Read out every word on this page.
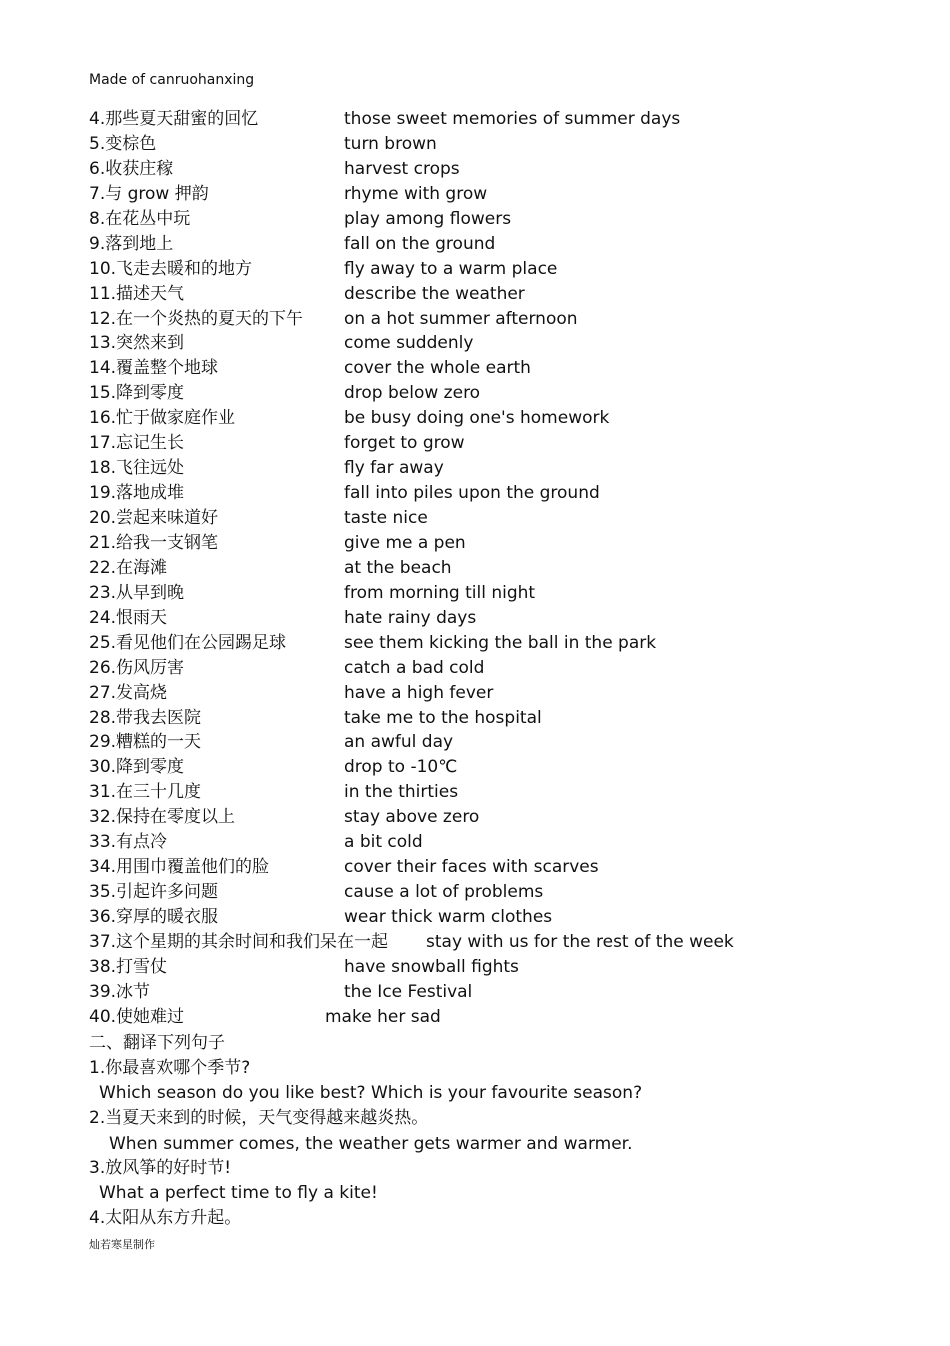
Made of canruohanxing
4.那些夏天甜蜜的回忆	those sweet memories of summer days
5.变棕色	turn brown
6.收获庄稼	harvest crops
7.与 grow 押韵	rhyme with grow
8.在花丛中玩	play among flowers
9.落到地上	fall on the ground
10.飞走去暖和的地方	fly away to a warm place
11.描述天气	describe the weather
12.在一个炎热的夏天的下午 on a hot summer afternoon
13.突然来到	come suddenly
14.覆盖整个地球	cover the whole earth
15.降到零度	drop below zero
16.忙于做家庭作业	be busy doing one's homework
17.忘记生长	forget to grow
18.飞往远处	fly far away
19.落地成堆	fall into piles upon the ground
20.尝起来味道好	taste nice
21.给我一支钢笔	give me a pen
22.在海滩	at the beach
23.从早到晚	from morning till night
24.恨雨天	hate rainy days
25.看见他们在公园踢足球	see them kicking the ball in the park
26.伤风厉害	catch a bad cold
27.发高烧	have a high fever
28.带我去医院	take me to the hospital
29.糟糕的一天	an awful day
30.降到零度	drop to -10℃
31.在三十几度	in the thirties
32.保持在零度以上	stay above zero
33.有点冷	a bit cold
34.用围巾覆盖他们的脸	cover their faces with scarves
35.引起许多问题	cause a lot of problems
36.穿厚的暖衣服	wear thick warm clothes
37.这个星期的其余时间和我们呆在一起 stay with us for the rest of the week
38.打雪仗	have snowball fights
39.冰节	the Ice Festival
40.使她难过	make her sad
二、翻译下列句子
1.你最喜欢哪个季节?
Which season do you like best? Which is your favourite season?
2.当夏天来到的时候，天气变得越来越炎热。
When summer comes, the weather gets warmer and warmer.
3.放风筝的好时节!
What a perfect time to fly a kite!
4.太阳从东方升起。
灿若寒星制作
